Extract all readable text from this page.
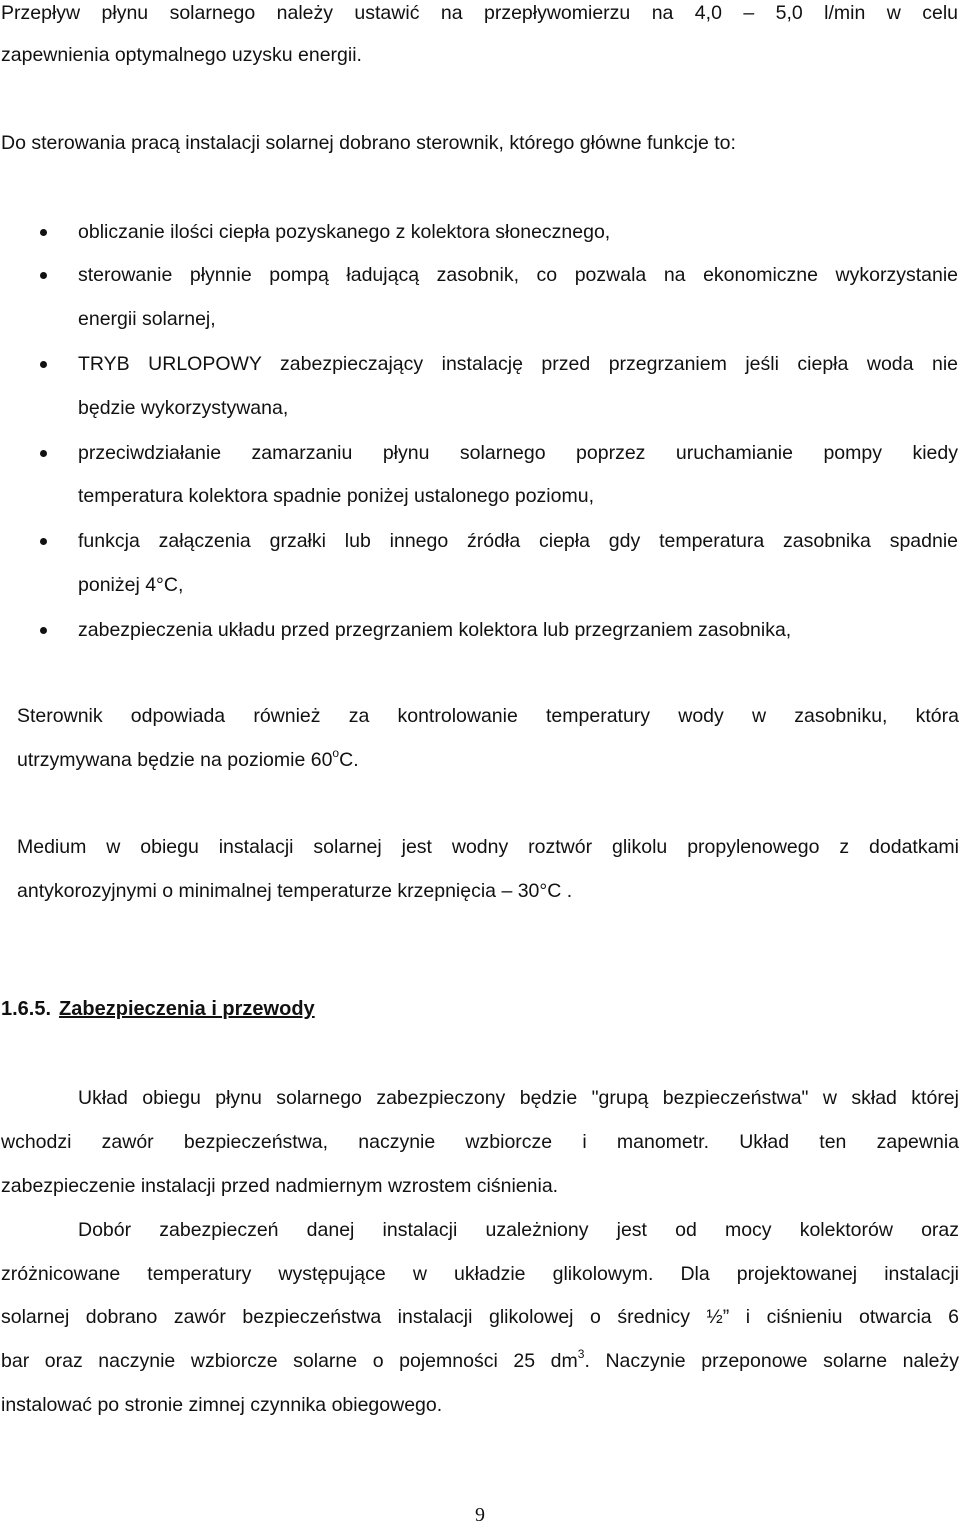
Przepływ płynu solarnego należy ustawić na przepływomierzu na 4,0 – 5,0 l/min w celu

zapewnienia optymalnego uzysku energii.

Do sterowania pracą instalacji solarnej dobrano sterownik, którego główne funkcje to:

obliczanie ilości ciepła pozyskanego z kolektora słonecznego,

sterowanie płynnie pompą ładującą zasobnik, co pozwala na ekonomiczne wykorzystanie

energii solarnej,

TRYB URLOPOWY zabezpieczający instalację przed przegrzaniem jeśli ciepła woda nie

będzie wykorzystywana,

przeciwdziałanie zamarzaniu płynu solarnego poprzez uruchamianie pompy kiedy

temperatura kolektora spadnie poniżej ustalonego poziomu,

funkcja załączenia grzałki lub innego źródła ciepła gdy temperatura zasobnika spadnie

poniżej 4°C,

zabezpieczenia układu przed przegrzaniem kolektora lub przegrzaniem zasobnika,

Sterownik odpowiada również za kontrolowanie temperatury wody w zasobniku, która

utrzymywana będzie na poziomie 60$^o$C.

Medium w obiegu instalacji solarnej jest wodny roztwór glikolu propylenowego z dodatkami

antykorozyjnymi o minimalnej temperaturze krzepnięcia – 30°C .

1.6.5. Zabezpieczenia i przewody

Układ obiegu płynu solarnego zabezpieczony będzie "grupą bezpieczeństwa" w skład której

wchodzi zawór bezpieczeństwa, naczynie wzbiorcze i manometr. Układ ten zapewnia

zabezpieczenie instalacji przed nadmiernym wzrostem ciśnienia.

Dobór zabezpieczeń danej instalacji uzależniony jest od mocy kolektorów oraz

zróżnicowane temperatury występujące w układzie glikolowym. Dla projektowanej instalacji

solarnej dobrano zawór bezpieczeństwa instalacji glikolowej o średnicy ½” i ciśnieniu otwarcia 6

bar oraz naczynie wzbiorcze solarne o pojemności 25 $dm^3$. Naczynie przeponowe solarne należy

instalować po stronie zimnej czynnika obiegowego.

9
